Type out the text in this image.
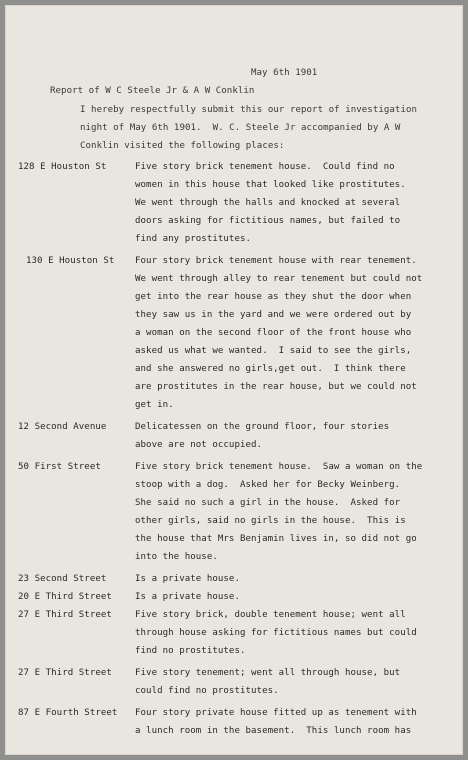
May 6th 1901
Report of W C Steele Jr & A W Conklin
I hereby respectfully submit this our report of investigation
night of May 6th 1901.  W. C. Steele Jr accompanied by A W
Conklin visited the following places:
128 E Houston St	Five story brick tenement house.  Could find no
women in this house that looked like prostitutes.
We went through the halls and knocked at several
doors asking for fictitious names, but failed to
find any prostitutes.
130 E Houston St Four story brick tenement house with rear tenement.
We went through alley to rear tenement but could not
get into the rear house as they shut the door when
they saw us in the yard and we were ordered out by
a woman on the second floor of the front house who
asked us what we wanted.  I said to see the girls,
and she answered no girls,get out.  I think there
are prostitutes in the rear house, but we could not
get in.
12 Second Avenue	Delicatessen on the ground floor, four stories
above are not occupied.
50 First Street	Five story brick tenement house.  Saw a woman on the
stoop with a dog.  Asked her for Becky Weinberg.
She said no such a girl in the house.  Asked for
other girls, said no girls in the house.  This is
the house that Mrs Benjamin lives in, so did not go
into the house.
23 Second Street	Is a private house.
20 E Third Street	Is a private house.
27 E Third Street	Five story brick, double tenement house; went all
through house asking for fictitious names but could
find no prostitutes.
27 E Third Street	Five story tenement; went all through house, but
could find no prostitutes.
87 E Fourth Street Four story private house fitted up as tenement with
a lunch room in the basement.  This lunch room has
